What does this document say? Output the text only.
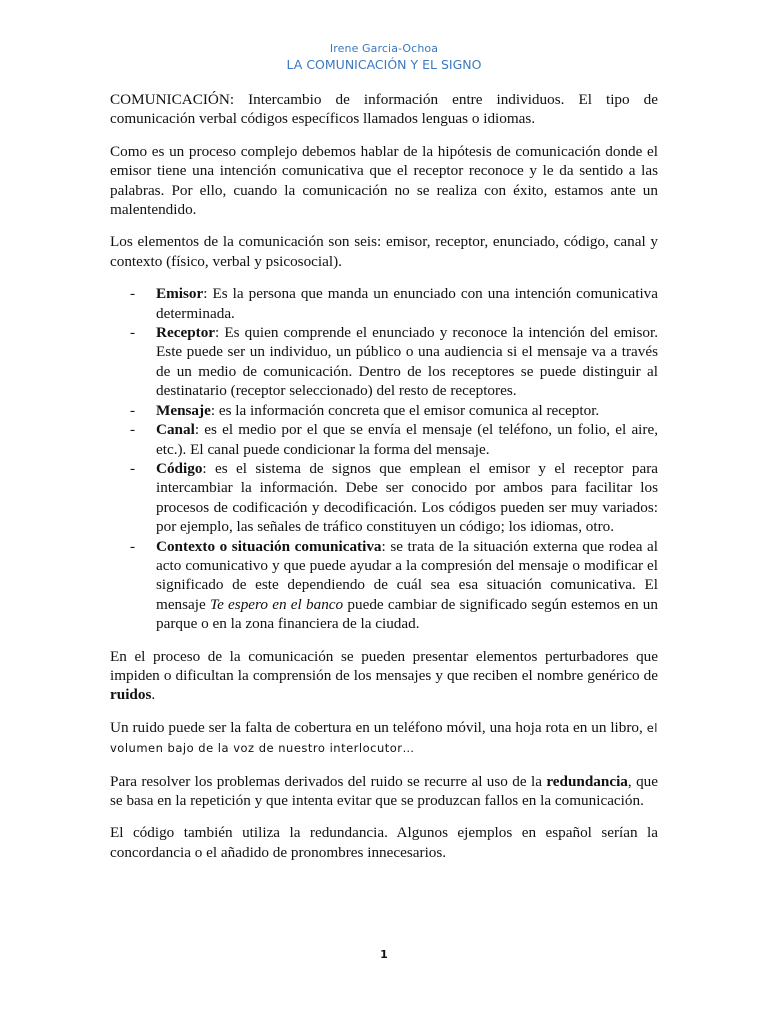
Irene Garcia-Ochoa
LA COMUNICACIÓN Y EL SIGNO

COMUNICACIÓN: Intercambio de información entre individuos. El tipo de comunicación verbal códigos específicos llamados lenguas o idiomas.

Como es un proceso complejo debemos hablar de la hipótesis de comunicación donde el emisor tiene una intención comunicativa que el receptor reconoce y le da sentido a las palabras. Por ello, cuando la comunicación no se realiza con éxito, estamos ante un malentendido.

Los elementos de la comunicación son seis: emisor, receptor, enunciado, código, canal y contexto (físico, verbal y psicosocial).

- Emisor: Es la persona que manda un enunciado con una intención comunicativa determinada.
- Receptor: Es quien comprende el enunciado y reconoce la intención del emisor. Este puede ser un individuo, un público o una audiencia si el mensaje va a través de un medio de comunicación. Dentro de los receptores se puede distinguir al destinatario (receptor seleccionado) del resto de receptores.
- Mensaje: es la información concreta que el emisor comunica al receptor.
- Canal: es el medio por el que se envía el mensaje (el teléfono, un folio, el aire, etc.). El canal puede condicionar la forma del mensaje.
- Código: es el sistema de signos que emplean el emisor y el receptor para intercambiar la información. Debe ser conocido por ambos para facilitar los procesos de codificación y decodificación. Los códigos pueden ser muy variados: por ejemplo, las señales de tráfico constituyen un código; los idiomas, otro.
- Contexto o situación comunicativa: se trata de la situación externa que rodea al acto comunicativo y que puede ayudar a la compresión del mensaje o modificar el significado de este dependiendo de cuál sea esa situación comunicativa. El mensaje Te espero en el banco puede cambiar de significado según estemos en un parque o en la zona financiera de la ciudad.

En el proceso de la comunicación se pueden presentar elementos perturbadores que impiden o dificultan la comprensión de los mensajes y que reciben el nombre genérico de ruidos.

Un ruido puede ser la falta de cobertura en un teléfono móvil, una hoja rota en un libro, el volumen bajo de la voz de nuestro interlocutor…

Para resolver los problemas derivados del ruido se recurre al uso de la redundancia, que se basa en la repetición y que intenta evitar que se produzcan fallos en la comunicación.

El código también utiliza la redundancia. Algunos ejemplos en español serían la concordancia o el añadido de pronombres innecesarios.

1
